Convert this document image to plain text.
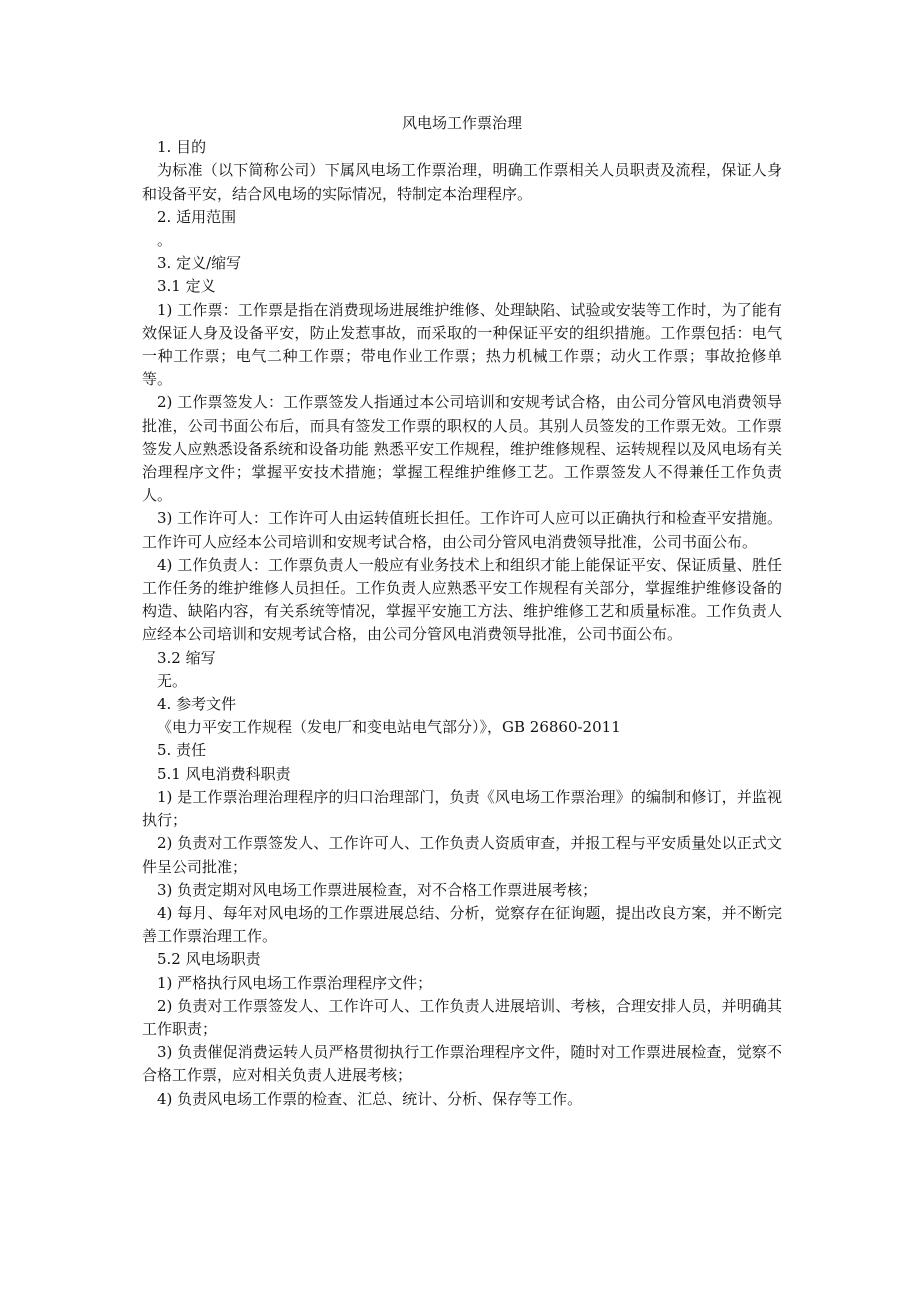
风电场工作票治理

1. 目的

为标准（以下简称公司）下属风电场工作票治理，明确工作票相关人员职责及流程，保证人身和设备平安，结合风电场的实际情况，特制定本治理程序。

2. 适用范围

。

3. 定义/缩写

3.1 定义

1) 工作票：工作票是指在消费现场进展维护维修、处理缺陷、试验或安装等工作时，为了能有效保证人身及设备平安，防止发惹事故，而采取的一种保证平安的组织措施。工作票包括：电气一种工作票；电气二种工作票；带电作业工作票；热力机械工作票；动火工作票；事故抢修单等。

2) 工作票签发人：工作票签发人指通过本公司培训和安规考试合格，由公司分管风电消费领导批准，公司书面公布后，而具有签发工作票的职权的人员。其别人员签发的工作票无效。工作票签发人应熟悉设备系统和设备功能 熟悉平安工作规程，维护维修规程、运转规程以及风电场有关治理程序文件；掌握平安技术措施；掌握工程维护维修工艺。工作票签发人不得兼任工作负责人。

3) 工作许可人：工作许可人由运转值班长担任。工作许可人应可以正确执行和检查平安措施。工作许可人应经本公司培训和安规考试合格，由公司分管风电消费领导批准，公司书面公布。

4) 工作负责人：工作票负责人一般应有业务技术上和组织才能上能保证平安、保证质量、胜任工作任务的维护维修人员担任。工作负责人应熟悉平安工作规程有关部分，掌握维护维修设备的构造、缺陷内容，有关系统等情况，掌握平安施工方法、维护维修工艺和质量标准。工作负责人应经本公司培训和安规考试合格，由公司分管风电消费领导批准，公司书面公布。

3.2 缩写

无。

4. 参考文件

《电力平安工作规程（发电厂和变电站电气部分）》，GB 26860-2011

5. 责任

5.1 风电消费科职责

1) 是工作票治理治理程序的归口治理部门，负责《风电场工作票治理》的编制和修订，并监视执行；

2) 负责对工作票签发人、工作许可人、工作负责人资质审查，并报工程与平安质量处以正式文件呈公司批准；

3) 负责定期对风电场工作票进展检查，对不合格工作票进展考核；

4) 每月、每年对风电场的工作票进展总结、分析，觉察存在征询题，提出改良方案，并不断完善工作票治理工作。

5.2 风电场职责

1) 严格执行风电场工作票治理程序文件；

2) 负责对工作票签发人、工作许可人、工作负责人进展培训、考核，合理安排人员，并明确其工作职责；

3) 负责催促消费运转人员严格贯彻执行工作票治理程序文件，随时对工作票进展检查，觉察不合格工作票，应对相关负责人进展考核；

4) 负责风电场工作票的检查、汇总、统计、分析、保存等工作。
